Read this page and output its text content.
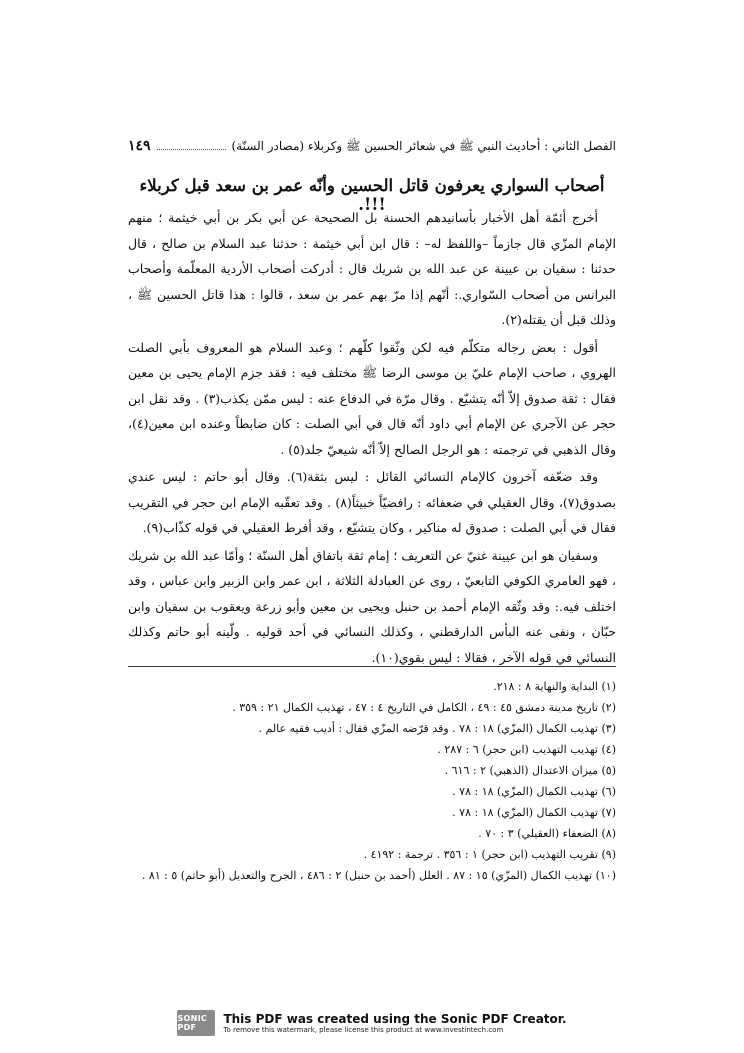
الفصل الثاني : أحاديث النبي ﷺ في شعائر الحسين ﷺ وكربلاء (مصادر السنّة)
١٤٩
أصحاب السواري يعرفون قاتل الحسين وأنّه عمر بن سعد قبل كربلاء !!!.

أخرج أئمّة أهل الأخبار بأسانيدهم الحسنة بل الصحيحة عن أبي بكر بن أبي خيثمة ؛ منهم الإمام المزّي قال جازماً –واللفظ له– : قال ابن أبي خيثمة : حدثنا عبد السلام بن صالح ، قال حدثنا : سفيان بن عيينة عن عبد الله بن شريك قال : أدركت أصحاب الأردية المعلّمة وأصحاب البرانس من أصحاب السّواري.: أنّهم إذا مرّ بهم عمر بن سعد ، قالوا : هذا قاتل الحسين ﷺ ، وذلك قبل أن يقتله(٢).

أقول : بعض رجاله متكلّم فيه لكن وثّقوا كلّهم ؛ وعبد السلام هو المعروف بأبي الصلت الهروي ، صاحب الإمام عليّ بن موسى الرضا ﷺ مختلف فيه : فقد جزم الإمام يحيى بن معين فقال : ثقة صدوق إلاّ أنّه يتشيّع . وقال مرّة في الدفاع عنه : ليس ممّن يكذب(٣) . وقد نقل ابن حجر عن الآجري عن الإمام أبي داود أنّه قال في أبي الصلت : كان ضابطاً وعنده ابن معين(٤)، وقال الذهبي في ترجمته : هو الرجل الصالح إلاّ أنّه شيعيّ جلد(٥) .

وقد ضعّفه آخرون كالإمام النسائي القائل : ليس بثقة(٦). وقال أبو حاتم : ليس عندي بصدوق(٧)، وقال العقيلي في ضعفائه : رافضيّاً خبيثاً(٨) . وقد تعقّبه الإمام ابن حجر في التقريب فقال في أبي الصلت : صدوق له مناكير ، وكان يتشيّع ، وقد أفرط العقيلي في قوله كذّاب(٩).

وسفيان هو ابن عيينة غنيّ عن التعريف ؛ إمام ثقة باتفاق أهل السنّة ؛ وأمّا عبد الله بن شريك ، فهو العامري الكوفي التابعيّ ، روى عن العبادلة الثلاثة ، ابن عمر وابن الزبير وابن عباس ، وقد اختلف فيه.: وقد وثّقه الإمام أحمد بن حنبل ويحيى بن معين وأبو زرعة ويعقوب بن سفيان وابن حبّان ، ونفى عنه البأس الدارقطني ، وكذلك النسائي في أحد قوليه . ولّينه أبو حاتم وكذلك النسائي في قوله الآخر ، فقالا : ليس بقوي(١٠).

(١) البداية والنهاية ٨ : ٢١٨.
(٢) تاريخ مدينة دمشق ٤٥ : ٤٩ ، الكامل في التاريخ ٤ : ٤٧ ، تهذيب الكمال ٢١ : ٣٥٩ .
(٣) تهذيب الكمال (المزّي) ١٨ : ٧٨ . وقد قرّضه المزّي فقال : أديب فقيه عالم .
(٤) تهذيب التهذيب (ابن حجر) ٦ : ٢٨٧ .
(٥) ميزان الاعتدال (الذهبي) ٢ : ٦١٦ .
(٦) تهذيب الكمال (المزّي) ١٨ : ٧٨ .
(٧) تهذيب الكمال (المزّي) ١٨ : ٧٨ .
(٨) الضعفاء (العقيلي) ٣ : ٧٠ .
(٩) تقريب التهذيب (ابن حجر) ١ : ٣٥٦ . ترجمة : ٤١٩٢ .
(١٠) تهذيب الكمال (المزّي) ١٥ : ٨٧ . العلل (أحمد بن حنبل) ٢ : ٤٨٦ ، الجرح والتعديل (أبو حاتم) ٥ : ٨١ .
SONIC PDF
This PDF was created using the Sonic PDF Creator.
To remove this watermark, please license this product at www.investintech.com
